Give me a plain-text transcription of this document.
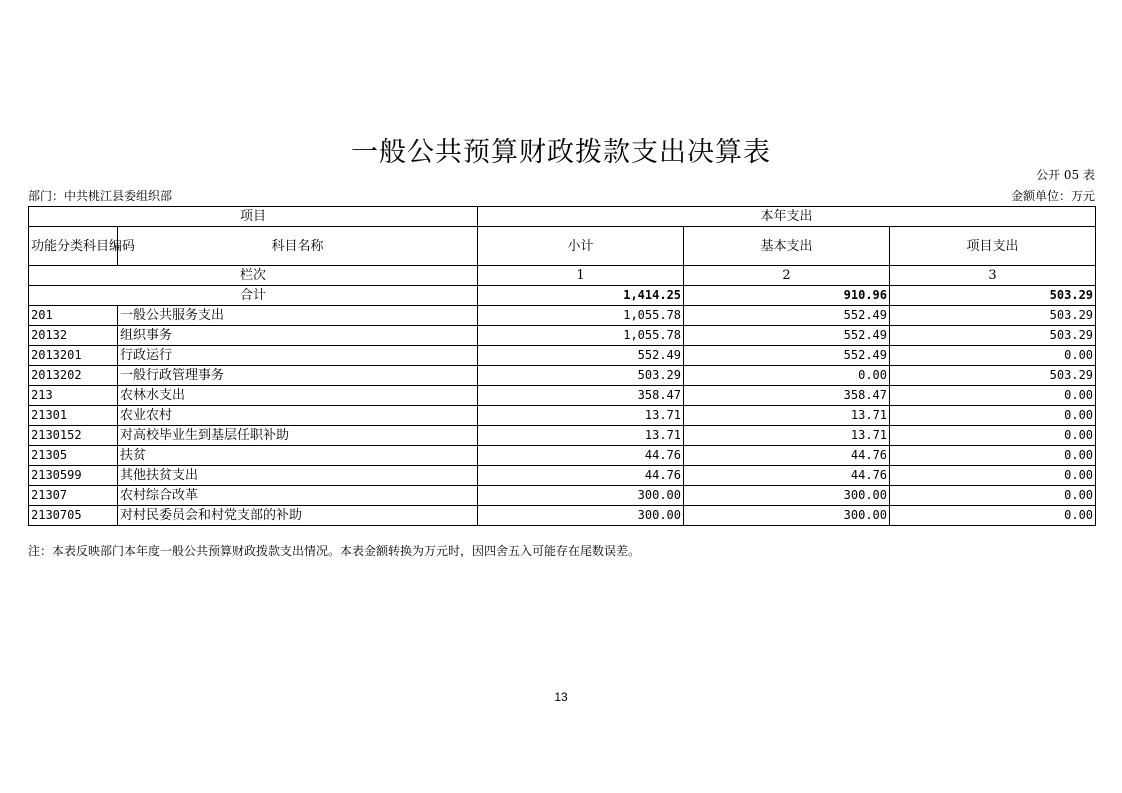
一般公共预算财政拨款支出决算表
公开 05 表
部门：中共桃江县委组织部	金额单位：万元
项目		本年支出		
功能分类科目编码	科目名称	小计	基本支出	项目支出
栏次		1	2	3
合计		1,414.25	910.96	503.29
201	一般公共服务支出	1,055.78	552.49	503.29
20132	组织事务	1,055.78	552.49	503.29
2013201	行政运行	552.49	552.49	0.00
2013202	一般行政管理事务	503.29	0.00	503.29
213	农林水支出	358.47	358.47	0.00
21301	农业农村	13.71	13.71	0.00
2130152	对高校毕业生到基层任职补助	13.71	13.71	0.00
21305	扶贫	44.76	44.76	0.00
2130599	其他扶贫支出	44.76	44.76	0.00
21307	农村综合改革	300.00	300.00	0.00
2130705	对村民委员会和村党支部的补助	300.00	300.00	0.00
注：本表反映部门本年度一般公共预算财政拨款支出情况。本表金额转换为万元时，因四舍五入可能存在尾数误差。
13
